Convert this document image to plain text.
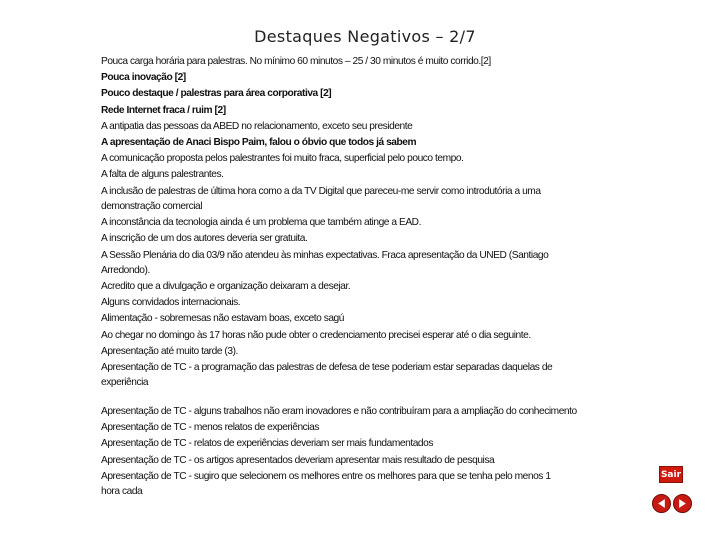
Destaques Negativos – 2/7
Pouca carga horária para palestras. No mínimo 60 minutos – 25 / 30 minutos é muito corrido.[2]
Pouca inovação [2]
Pouco destaque / palestras para área corporativa [2]
Rede Internet fraca / ruim [2]
A antipatia das pessoas da ABED no relacionamento, exceto seu presidente
A apresentação de Anaci Bispo Paim, falou o óbvio que todos já sabem
A comunicação proposta pelos palestrantes foi muito fraca, superficial pelo pouco tempo.
A falta de alguns palestrantes.
A inclusão de palestras de última hora como a da TV Digital que pareceu-me servir como introdutória a uma demonstração comercial
A inconstância da tecnologia ainda é um problema que também atinge a EAD.
A inscrição de um dos autores deveria ser gratuita.
A Sessão Plenária do dia 03/9 não atendeu às minhas expectativas. Fraca apresentação da UNED (Santiago Arredondo).
Acredito que a divulgação e organização deixaram a desejar.
Alguns convidados internacionais.
Alimentação - sobremesas não estavam boas, exceto sagú
Ao chegar no domingo às 17 horas não pude obter o credenciamento precisei esperar até o dia seguinte.
Apresentação até muito tarde (3).
Apresentação de TC - a programação das palestras de defesa de tese poderiam estar separadas daquelas de experiência
Apresentação de TC - alguns trabalhos não eram inovadores e não contribuíram para a ampliação do conhecimento
Apresentação de TC - menos relatos de experiências
Apresentação de TC - relatos de experiências deveriam ser mais fundamentados
Apresentação de TC - os artigos apresentados deveriam apresentar mais resultado de pesquisa
Apresentação de TC - sugiro que selecionem os melhores entre os melhores para que se tenha pelo menos 1 hora cada
Sair
